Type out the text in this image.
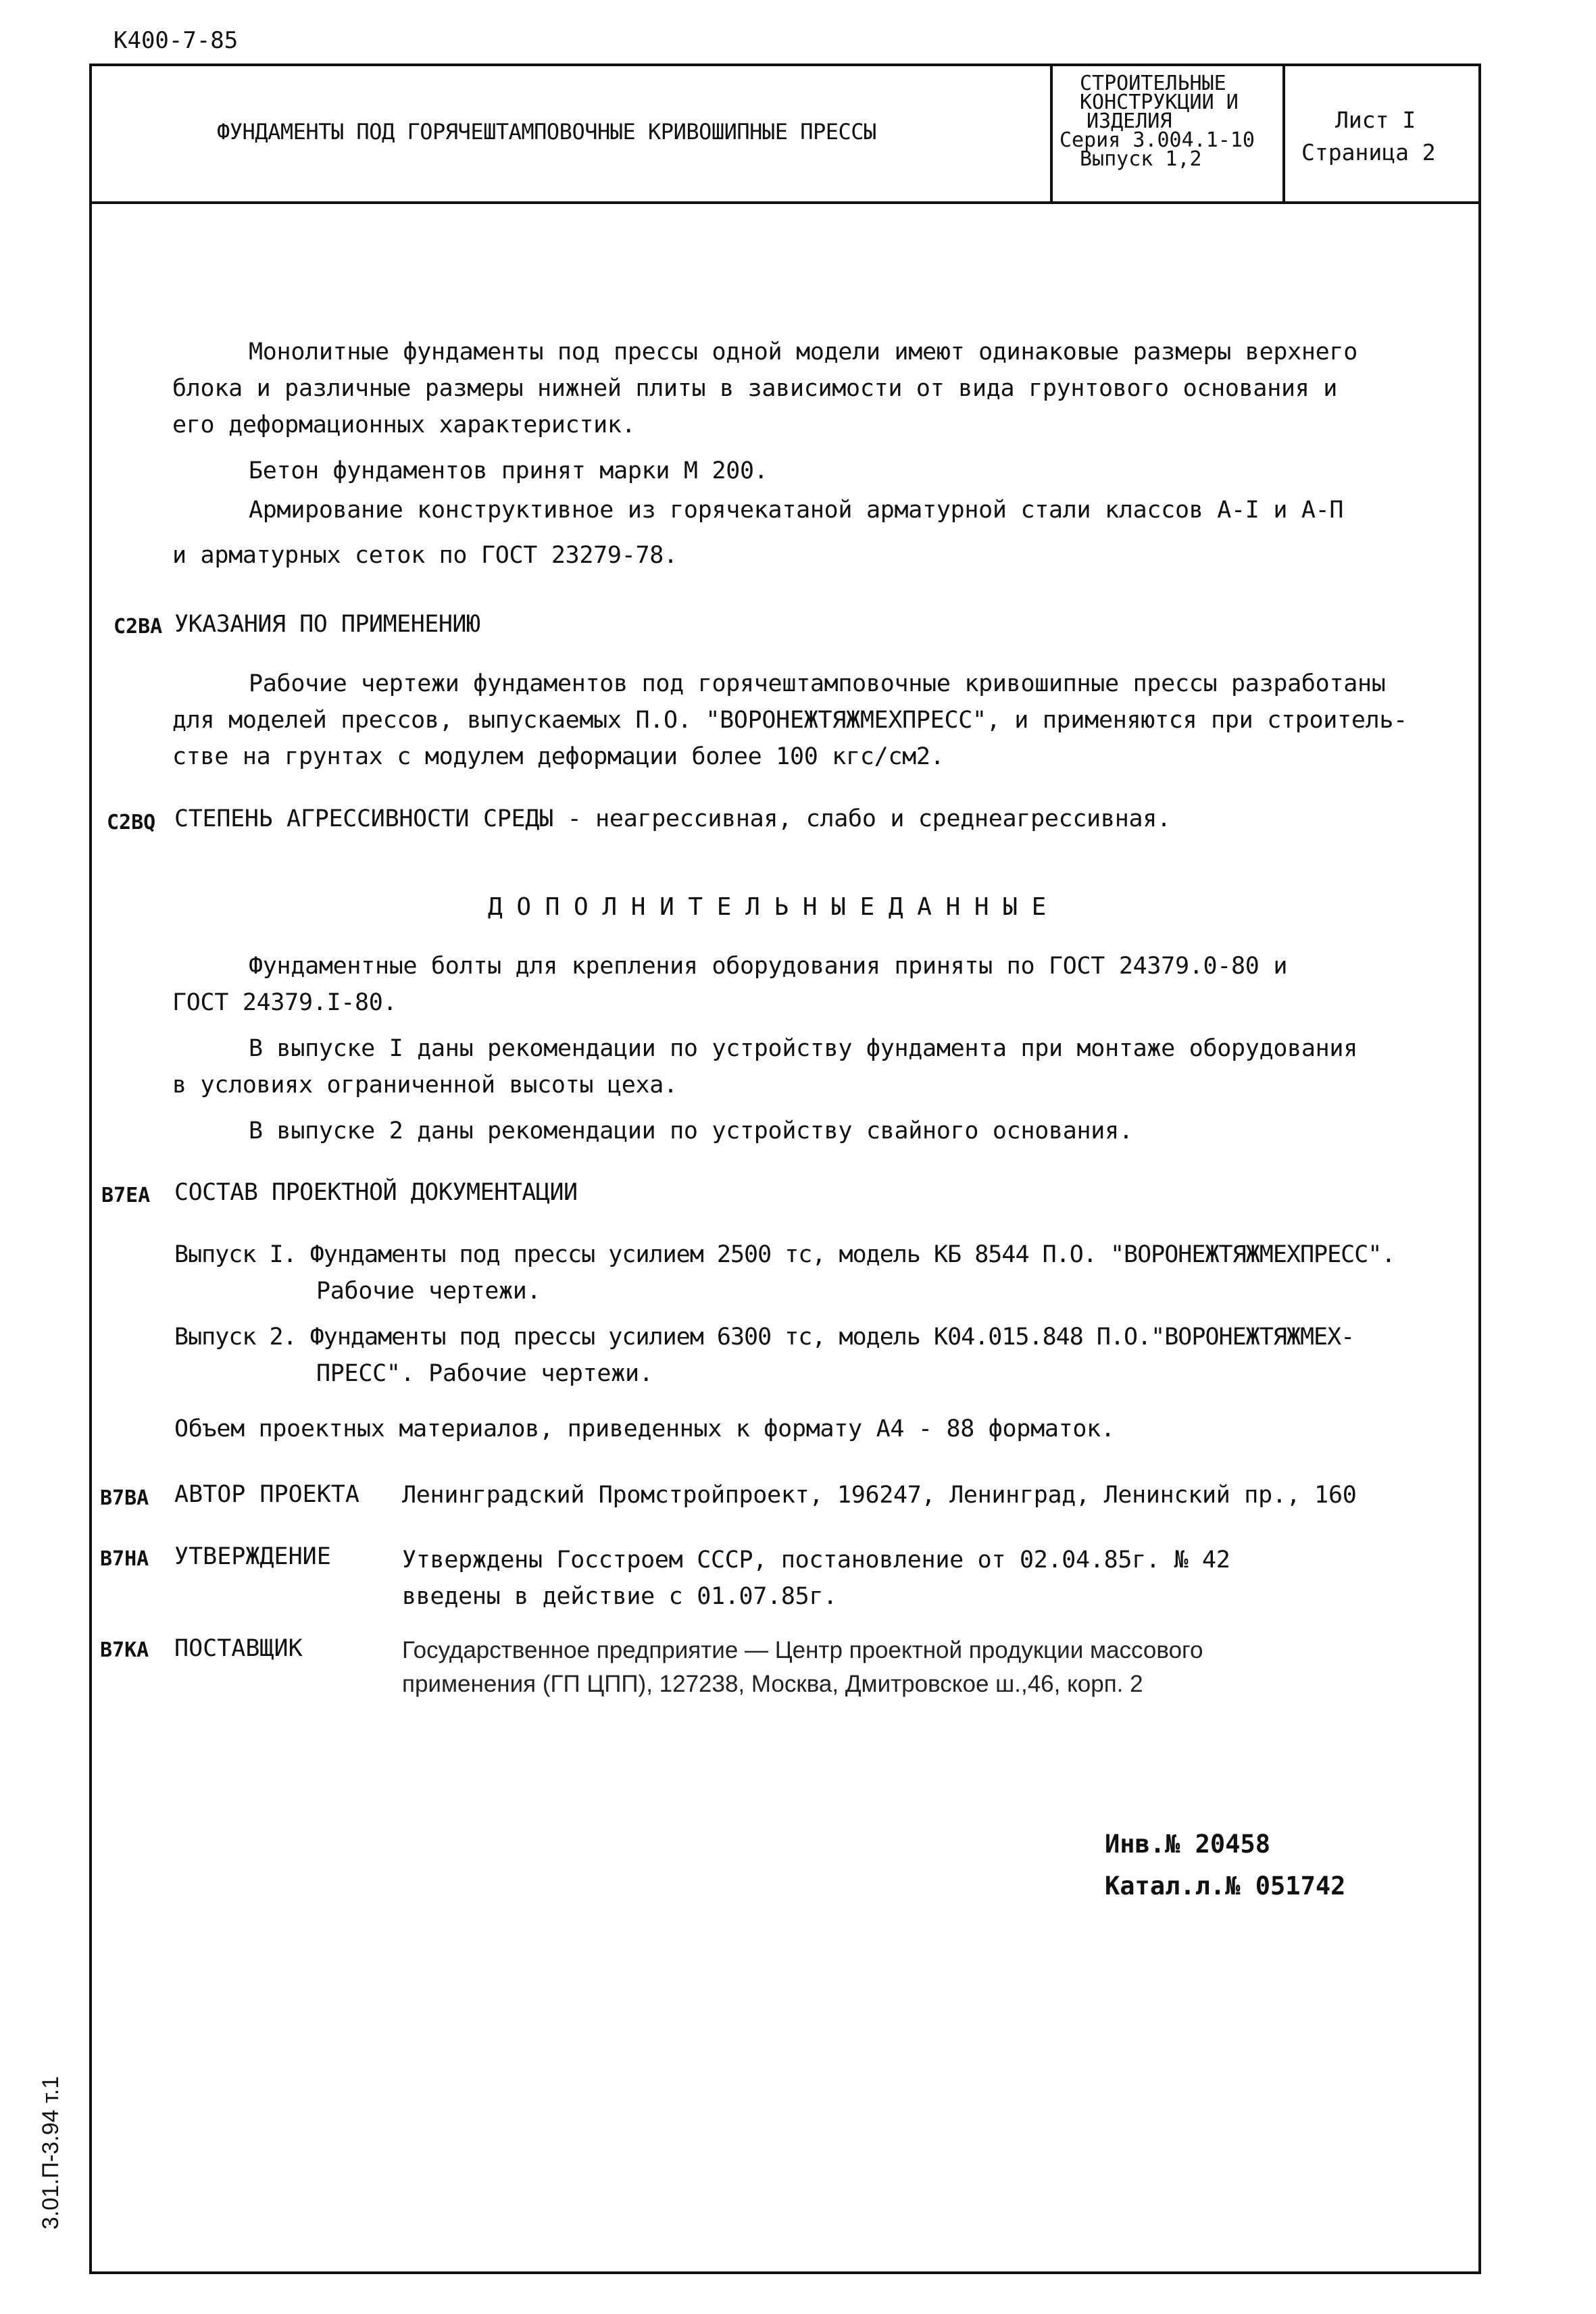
К400-7-85
ФУНДАМЕНТЫ ПОД ГОРЯЧЕШТАМПОВОЧНЫЕ КРИВОШИПНЫЕ ПРЕССЫ
СТРОИТЕЛЬНЫЕ
КОНСТРУКЦИИ И
ИЗДЕЛИЯ
Серия 3.004.1-10
Выпуск 1,2
Лист I
Страница 2
Монолитные фундаменты под прессы одной модели имеют одинаковые размеры верхнего
блока и различные размеры нижней плиты в зависимости от вида грунтового основания и
его деформационных характеристик.
Бетон фундаментов принят марки М 200.
Армирование конструктивное из горячекатаной арматурной стали классов А-I и А-П
и арматурных сеток по ГОСТ 23279-78.
C2BA УКАЗАНИЯ ПО ПРИМЕНЕНИЮ
Рабочие чертежи фундаментов под горячештамповочные кривошипные прессы разработаны
для моделей прессов, выпускаемых П.О. "ВОРОНЕЖТЯЖМЕХПРЕСС", и применяются при строитель-
стве на грунтах с модулем деформации более 100 кгс/см2.
C2BQ СТЕПЕНЬ АГРЕССИВНОСТИ СРЕДЫ - неагрессивная, слабо и среднеагрессивная.
Д О П О Л Н И Т Е Л Ь Н Ы Е Д А Н Н Ы Е
Фундаментные болты для крепления оборудования приняты по ГОСТ 24379.0-80 и
ГОСТ 24379.I-80.
В выпуске I даны рекомендации по устройству фундамента при монтаже оборудования
в условиях ограниченной высоты цеха.
В выпуске 2 даны рекомендации по устройству свайного основания.
B7EA СОСТАВ ПРОЕКТНОЙ ДОКУМЕНТАЦИИ
Выпуск I. Фундаменты под прессы усилием 2500 тс, модель КБ 8544 П.О. "ВОРОНЕЖТЯЖМЕХПРЕСС".
Рабочие чертежи.
Выпуск 2. Фундаменты под прессы усилием 6300 тс, модель К04.015.848 П.О."ВОРОНЕЖТЯЖМЕХ-
ПРЕСС". Рабочие чертежи.
Объем проектных материалов, приведенных к формату А4 - 88 форматок.
B7BA АВТОР ПРОЕКТА Ленинградский Промстройпроект, 196247, Ленинград, Ленинский пр., 160
B7HA УТВЕРЖДЕНИЕ	Утверждены Госстроем СССР, постановление от 02.04.85г. № 42
введены в действие с 01.07.85г.
B7KA ПОСТАВЩИК	Государственное предприятие — Центр проектной продукции массового
применения (ГП ЦПП), 127238, Москва, Дмитровское ш.,46, корп. 2
Инв.№ 20458
Катал.л.№ 051742
3.01.П-3.94 т.1
